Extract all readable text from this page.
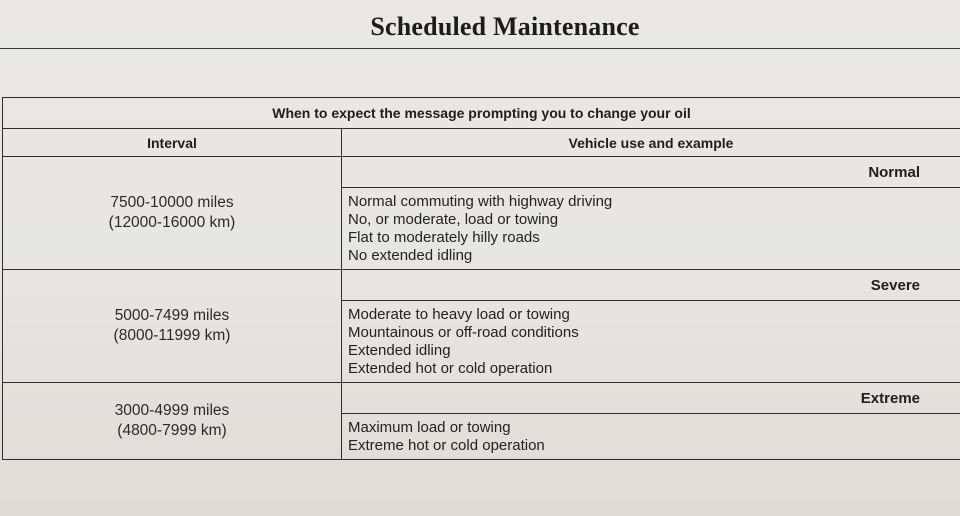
Scheduled Maintenance
When to expect the message prompting you to change your oil	
Interval	Vehicle use and example

7500-10000 miles
(12000-16000 km)	Normal

	Normal commuting with highway driving
No, or moderate, load or towing
Flat to moderately hilly roads
No extended idling

5000-7499 miles
(8000-11999 km)	Severe

	Moderate to heavy load or towing
Mountainous or off-road conditions
Extended idling
Extended hot or cold operation

3000-4999 miles
(4800-7999 km)	Extreme

	Maximum load or towing
Extreme hot or cold operation
